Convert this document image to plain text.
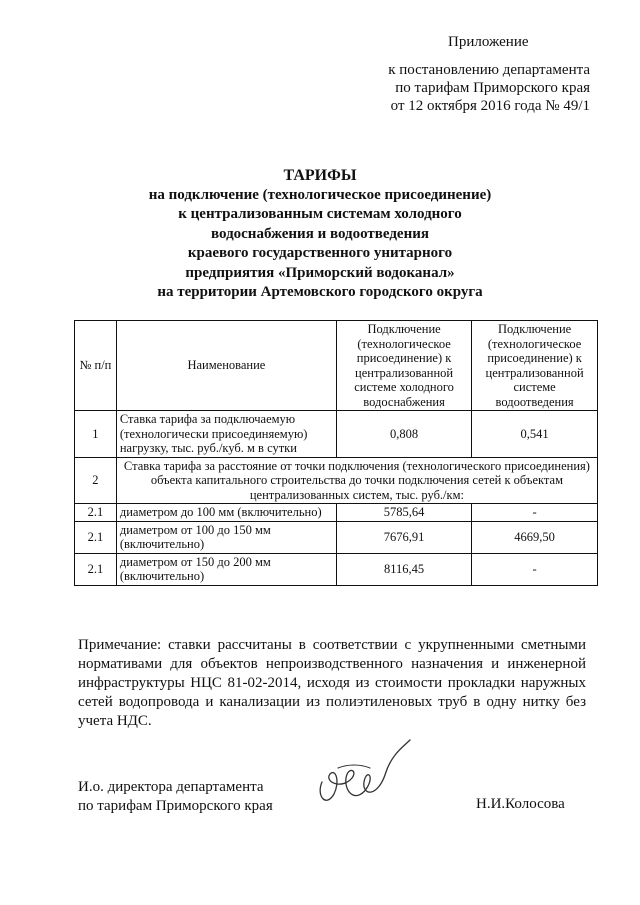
Приложение
к постановлению департамента
по тарифам Приморского края
от 12 октября 2016 года № 49/1
ТАРИФЫ
на подключение (технологическое присоединение)
к централизованным системам холодного
водоснабжения и водоотведения
краевого государственного унитарного
предприятия «Приморский водоканал»
на территории Артемовского городского округа
№ п/п	Наименование	Подключение (технологическое присоединение) к централизованной системе холодного водоснабжения	Подключение (технологическое присоединение) к централизованной системе водоотведения
1	Ставка тарифа за подключаемую (технологически присоединяемую) нагрузку, тыс. руб./куб. м в сутки	0,808	0,541
2	Ставка тарифа за расстояние от точки подключения (технологического присоединения) объекта капитального строительства до точки подключения сетей к объектам централизованных систем, тыс. руб./км:		
2.1	диаметром до 100 мм (включительно)	5785,64	-
2.1	диаметром от 100 до 150 мм (включительно)	7676,91	4669,50
2.1	диаметром от 150 до 200 мм (включительно)	8116,45	-
Примечание: ставки рассчитаны в соответствии с укрупненными сметными нормативами для объектов непроизводственного назначения и инженерной инфраструктуры НЦС 81-02-2014, исходя из стоимости прокладки наружных сетей водопровода и канализации из полиэтиленовых труб в одну нитку без учета НДС.
И.о. директора департамента
по тарифам Приморского края	Н.И.Колосова
